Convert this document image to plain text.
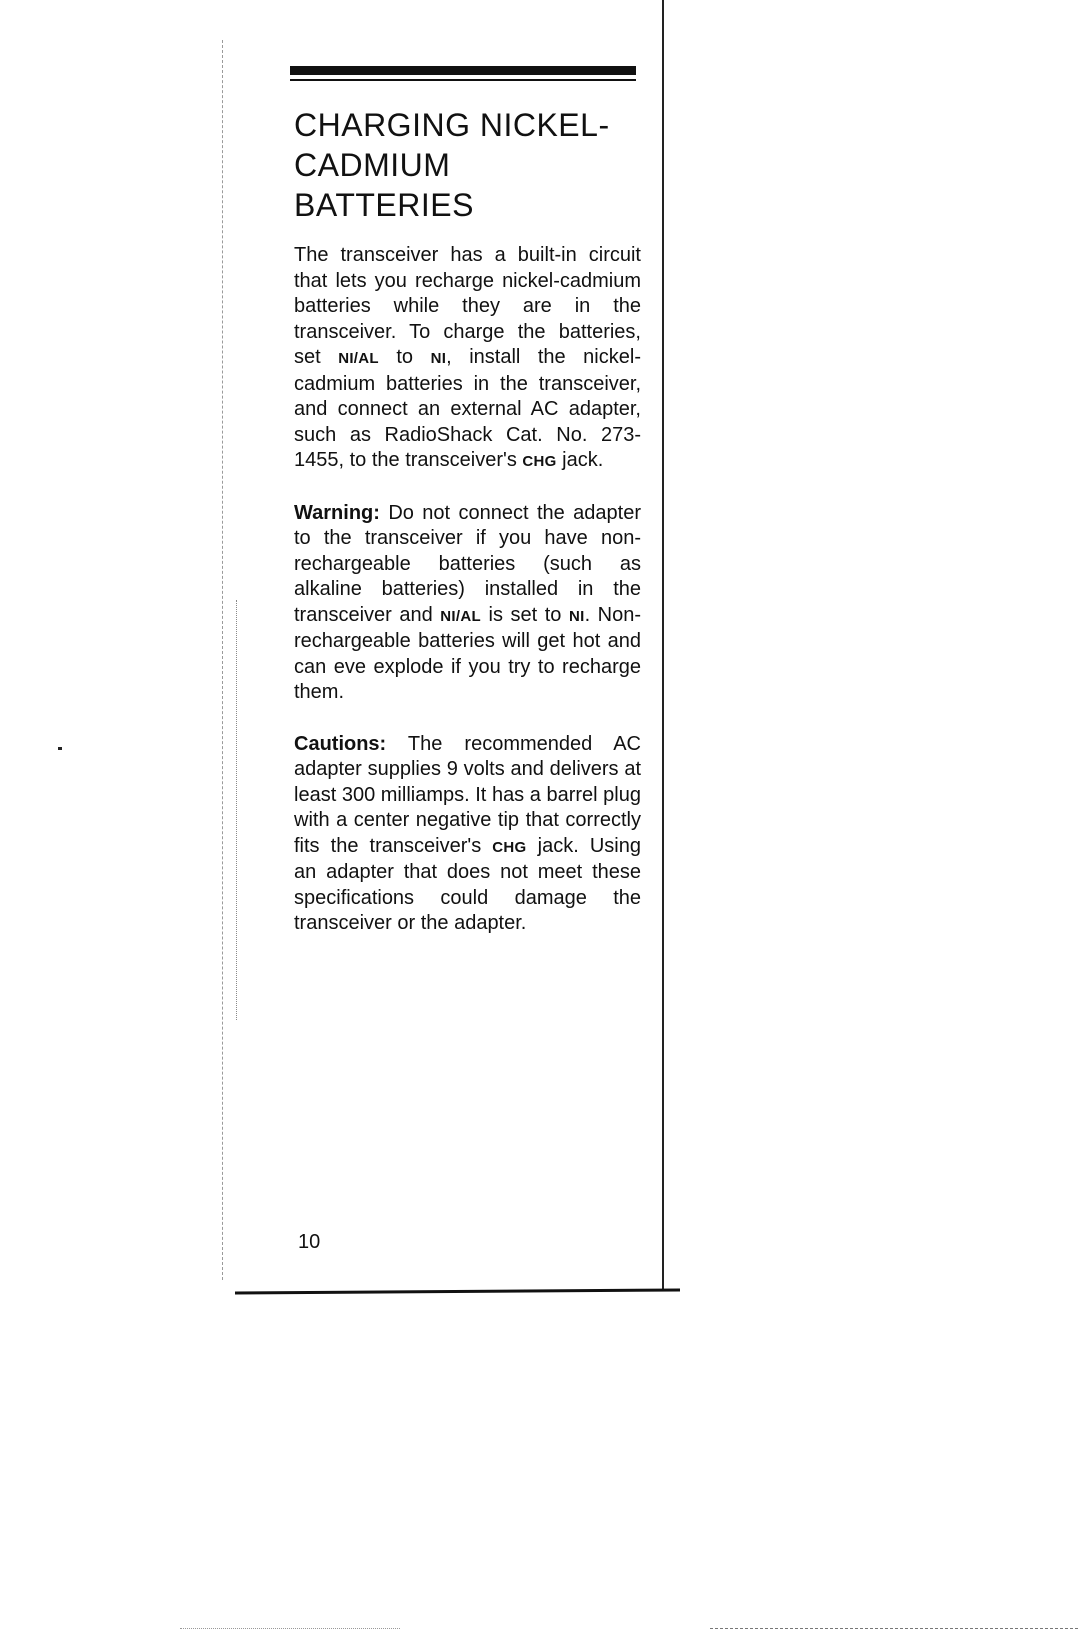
CHARGING NICKEL-
CADMIUM
BATTERIES

The transceiver has a built-in circuit that lets you recharge nickel-cadmium batteries while they are in the transceiver. To charge the batteries, set NI/AL to NI, install the nickel-cadmium batteries in the transceiver, and connect an external AC adapter, such as RadioShack Cat. No. 273-1455, to the transceiver's CHG jack.

Warning: Do not connect the adapter to the transceiver if you have non-rechargeable batteries (such as alkaline batteries) installed in the transceiver and NI/AL is set to NI. Non-rechargeable batteries will get hot and can eve explode if you try to recharge them.

Cautions: The recommended AC adapter supplies 9 volts and delivers at least 300 milliamps. It has a barrel plug with a center negative tip that correctly fits the transceiver's CHG jack. Using an adapter that does not meet these specifications could damage the transceiver or the adapter.

10
